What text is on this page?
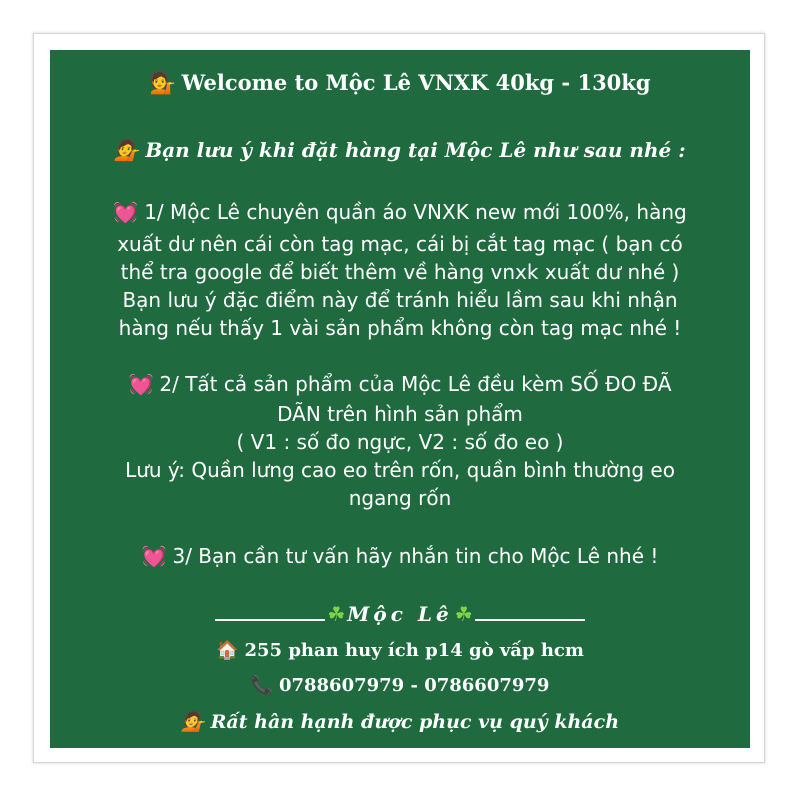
💁 Welcome to Mộc Lê VNXK 40kg - 130kg
💁 Bạn lưu ý khi đặt hàng tại Mộc Lê như sau nhé :
💓 1/ Mộc Lê chuyên quần áo VNXK new mới 100%, hàng
xuất dư nên cái còn tag mạc, cái bị cắt tag mạc ( bạn có
thể tra google để biết thêm về hàng vnxk xuất dư nhé )
Bạn lưu ý đặc điểm này để tránh hiểu lầm sau khi nhận
hàng nếu thấy 1 vài sản phẩm không còn tag mạc nhé !
💓 2/ Tất cả sản phẩm của Mộc Lê đều kèm SỐ ĐO ĐÃ
DÃN trên hình sản phẩm
( V1 : số đo ngực, V2 : số đo eo )
Lưu ý: Quần lưng cao eo trên rốn, quần bình thường eo
ngang rốn
💓 3/ Bạn cần tư vấn hãy nhắn tin cho Mộc Lê nhé !
☘ Mộc Lê ☘
🏠 255 phan huy ích p14 gò vấp hcm
📞 0788607979 - 0786607979
💁 Rất hân hạnh được phục vụ quý khách
